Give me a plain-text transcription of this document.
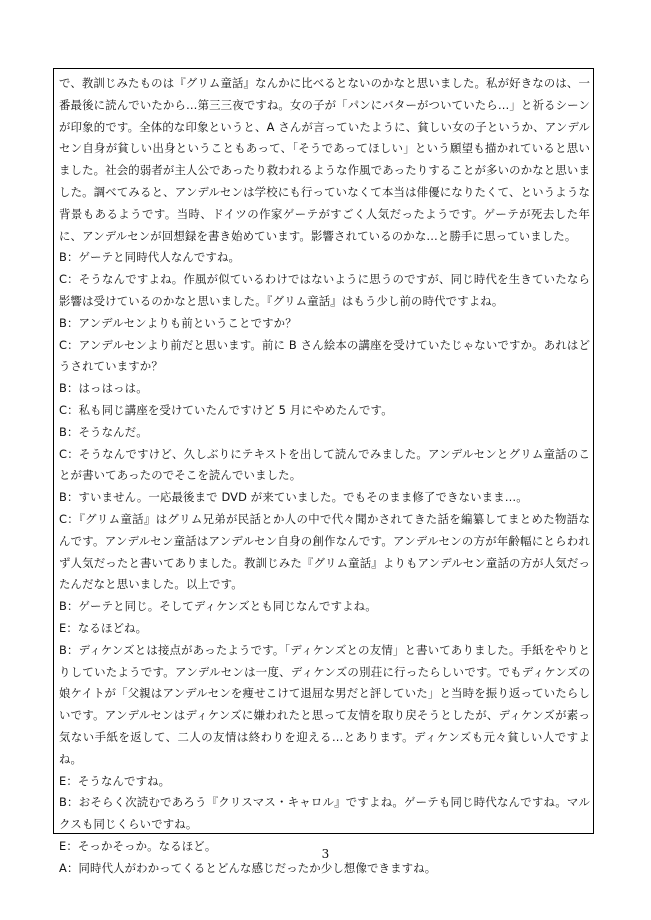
で、教訓じみたものは『グリム童話』なんかに比べるとないのかなと思いました。私が好きなのは、一番最後に読んでいたから…第三三夜ですね。女の子が「パンにバターがついていたら…」と祈るシーンが印象的です。全体的な印象というと、A さんが言っていたように、貧しい女の子というか、アンデルセン自身が貧しい出身ということもあって、「そうであってほしい」という願望も描かれていると思いました。社会的弱者が主人公であったり救われるような作風であったりすることが多いのかなと思いました。調べてみると、アンデルセンは学校にも行っていなくて本当は俳優になりたくて、というような背景もあるようです。当時、ドイツの作家ゲーテがすごく人気だったようです。ゲーテが死去した年に、アンデルセンが回想録を書き始めています。影響されているのかな…と勝手に思っていました。

B：ゲーテと同時代人なんですね。

C：そうなんですよね。作風が似ているわけではないように思うのですが、同じ時代を生きていたなら影響は受けているのかなと思いました。『グリム童話』はもう少し前の時代ですよね。

B：アンデルセンよりも前ということですか？

C：アンデルセンより前だと思います。前に B さん絵本の講座を受けていたじゃないですか。あれはどうされていますか？

B：はっはっは。

C：私も同じ講座を受けていたんですけど 5 月にやめたんです。

B：そうなんだ。

C：そうなんですけど、久しぶりにテキストを出して読んでみました。アンデルセンとグリム童話のことが書いてあったのでそこを読んでいました。

B：すいません。一応最後まで DVD が来ていました。でもそのまま修了できないまま…。

C：『グリム童話』はグリム兄弟が民話とか人の中で代々聞かされてきた話を編纂してまとめた物語なんです。アンデルセン童話はアンデルセン自身の創作なんです。アンデルセンの方が年齢幅にとらわれず人気だったと書いてありました。教訓じみた『グリム童話』よりもアンデルセン童話の方が人気だったんだなと思いました。以上です。

B：ゲーテと同じ。そしてディケンズとも同じなんですよね。

E：なるほどね。

B：ディケンズとは接点があったようです。「ディケンズとの友情」と書いてありました。手紙をやりとりしていたようです。アンデルセンは一度、ディケンズの別荘に行ったらしいです。でもディケンズの娘ケイトが「父親はアンデルセンを痩せこけて退屈な男だと評していた」と当時を振り返っていたらしいです。アンデルセンはディケンズに嫌われたと思って友情を取り戻そうとしたが、ディケンズが素っ気ない手紙を返して、二人の友情は終わりを迎える…とあります。ディケンズも元々貧しい人ですよね。

E：そうなんですね。

B：おそらく次読むであろう『クリスマス・キャロル』ですよね。ゲーテも同じ時代なんですね。マルクスも同じくらいですね。

E：そっかそっか。なるほど。

A：同時代人がわかってくるとどんな感じだったか少し想像できますね。

3
